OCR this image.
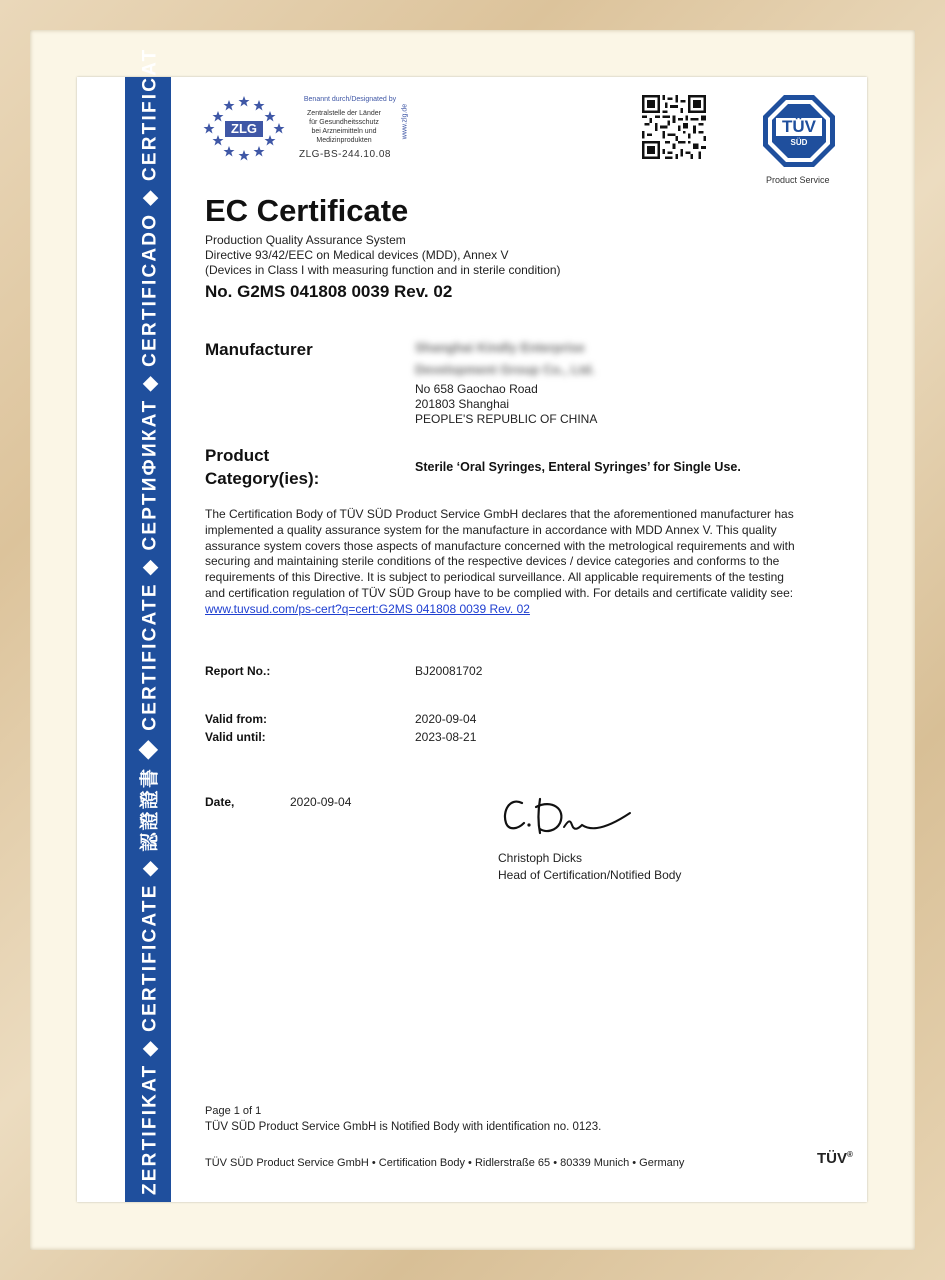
ZERTIFIKAT ◆ CERTIFICATE ◆ 認證證書 ◆ CERTIFICATE ◆ СЕРТИФИКАТ ◆ CERTIFICADO ◆ CERTIFICAT	ZLG
Benannt durch/Designated by
Zentralstelle der Länder
für Gesundheitsschutz
bei Arzneimitteln und
Medizinprodukten
www.zlg.de
ZLG-BS-244.10.08
TÜV
SÜD
Product Service
EC Certificate
Production Quality Assurance System
Directive 93/42/EEC on Medical devices (MDD), Annex V
(Devices in Class I with measuring function and in sterile condition)
No. G2MS 041808 0039 Rev. 02
Manufacturer	Shanghai Kindly Enterprise
Development Group Co., Ltd.
No 658 Gaochao Road
201803 Shanghai
PEOPLE'S REPUBLIC OF CHINA
Product
Category(ies):
Sterile ‘Oral Syringes, Enteral Syringes’ for Single Use.
The Certification Body of TÜV SÜD Product Service GmbH declares that the aforementioned manufacturer has implemented a quality assurance system for the manufacture in accordance with MDD Annex V. This quality assurance system covers those aspects of manufacture concerned with the metrological requirements and with securing and maintaining sterile conditions of the respective devices / device categories and conforms to the requirements of this Directive. It is subject to periodical surveillance. All applicable requirements of the testing and certification regulation of TÜV SÜD Group have to be complied with. For details and certificate validity see: www.tuvsud.com/ps-cert?q=cert:G2MS 041808 0039 Rev. 02
Report No.:	BJ20081702
Valid from:	2020-09-04
Valid until:	2023-08-21
Date,	2020-09-04
Christoph Dicks
Head of Certification/Notified Body
Page 1 of 1
TÜV SÜD Product Service GmbH is Notified Body with identification no. 0123.
TÜV SÜD Product Service GmbH • Certification Body • Ridlerstraße 65 • 80339 Munich • Germany	TÜV®
